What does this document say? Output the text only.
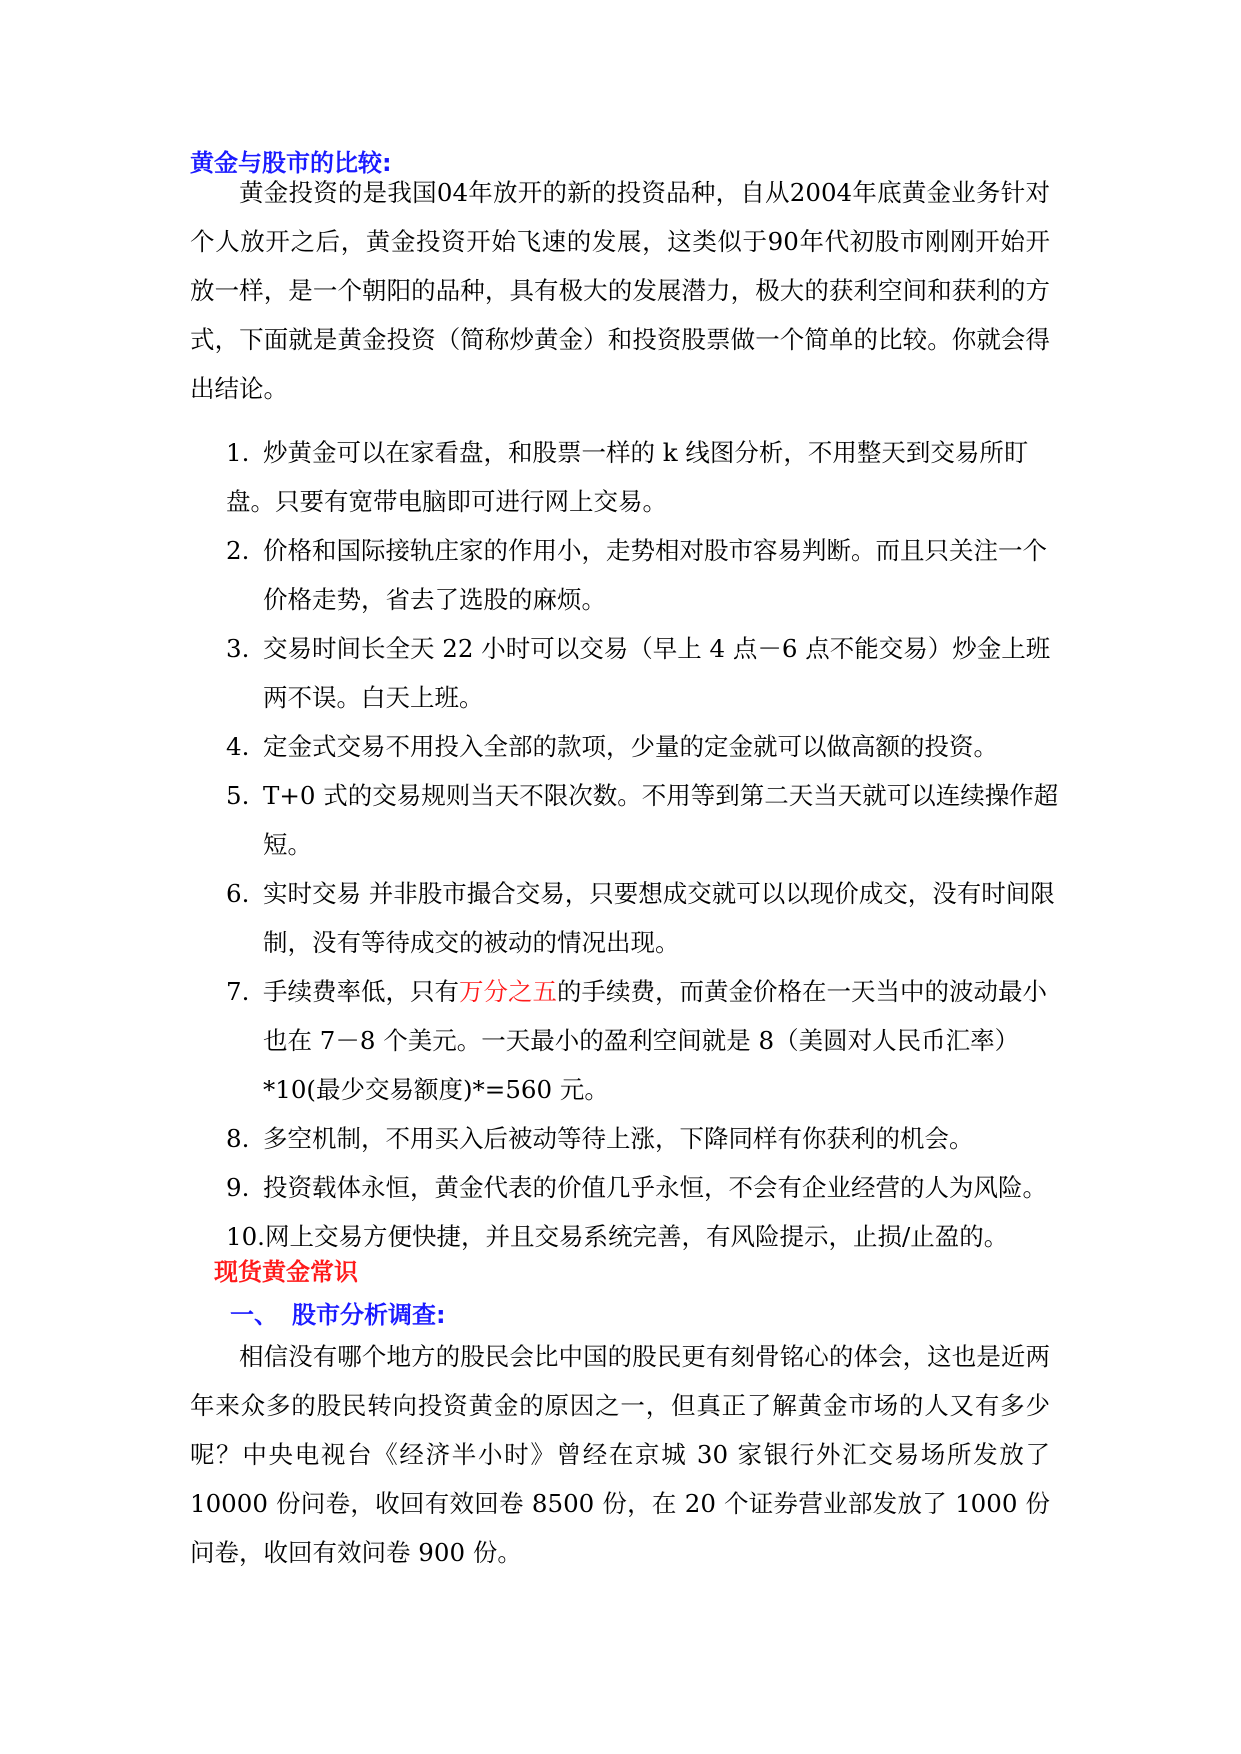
黄金与股市的比较:

黄金投资的是我国04年放开的新的投资品种，自从2004年底黄金业务针对个人放开之后，黄金投资开始飞速的发展，这类似于90年代初股市刚刚开始开放一样，是一个朝阳的品种，具有极大的发展潜力，极大的获利空间和获利的方式，下面就是黄金投资（简称炒黄金）和投资股票做一个简单的比较。你就会得出结论。

1. 炒黄金可以在家看盘，和股票一样的 k 线图分析，不用整天到交易所盯盘。只要有宽带电脑即可进行网上交易。
2. 价格和国际接轨庄家的作用小，走势相对股市容易判断。而且只关注一个价格走势，省去了选股的麻烦。
3. 交易时间长全天 22 小时可以交易（早上 4 点－6 点不能交易）炒金上班两不误。白天上班。
4. 定金式交易不用投入全部的款项，少量的定金就可以做高额的投资。
5. T+0 式的交易规则当天不限次数。不用等到第二天当天就可以连续操作超短。
6. 实时交易 并非股市撮合交易，只要想成交就可以以现价成交，没有时间限制，没有等待成交的被动的情况出现。
7. 手续费率低，只有万分之五的手续费，而黄金价格在一天当中的波动最小也在 7－8 个美元。一天最小的盈利空间就是 8（美圆对人民币汇率）*10(最少交易额度)*=560 元。
8. 多空机制，不用买入后被动等待上涨，下降同样有你获利的机会。
9. 投资载体永恒，黄金代表的价值几乎永恒，不会有企业经营的人为风险。
10.网上交易方便快捷，并且交易系统完善，有风险提示，止损/止盈的。
现货黄金常识
一、 股市分析调查:

相信没有哪个地方的股民会比中国的股民更有刻骨铭心的体会，这也是近两年来众多的股民转向投资黄金的原因之一，但真正了解黄金市场的人又有多少呢？中央电视台《经济半小时》曾经在京城 30 家银行外汇交易场所发放了 10000 份问卷，收回有效回卷 8500 份，在 20 个证券营业部发放了 1000 份问卷，收回有效问卷 900 份。
